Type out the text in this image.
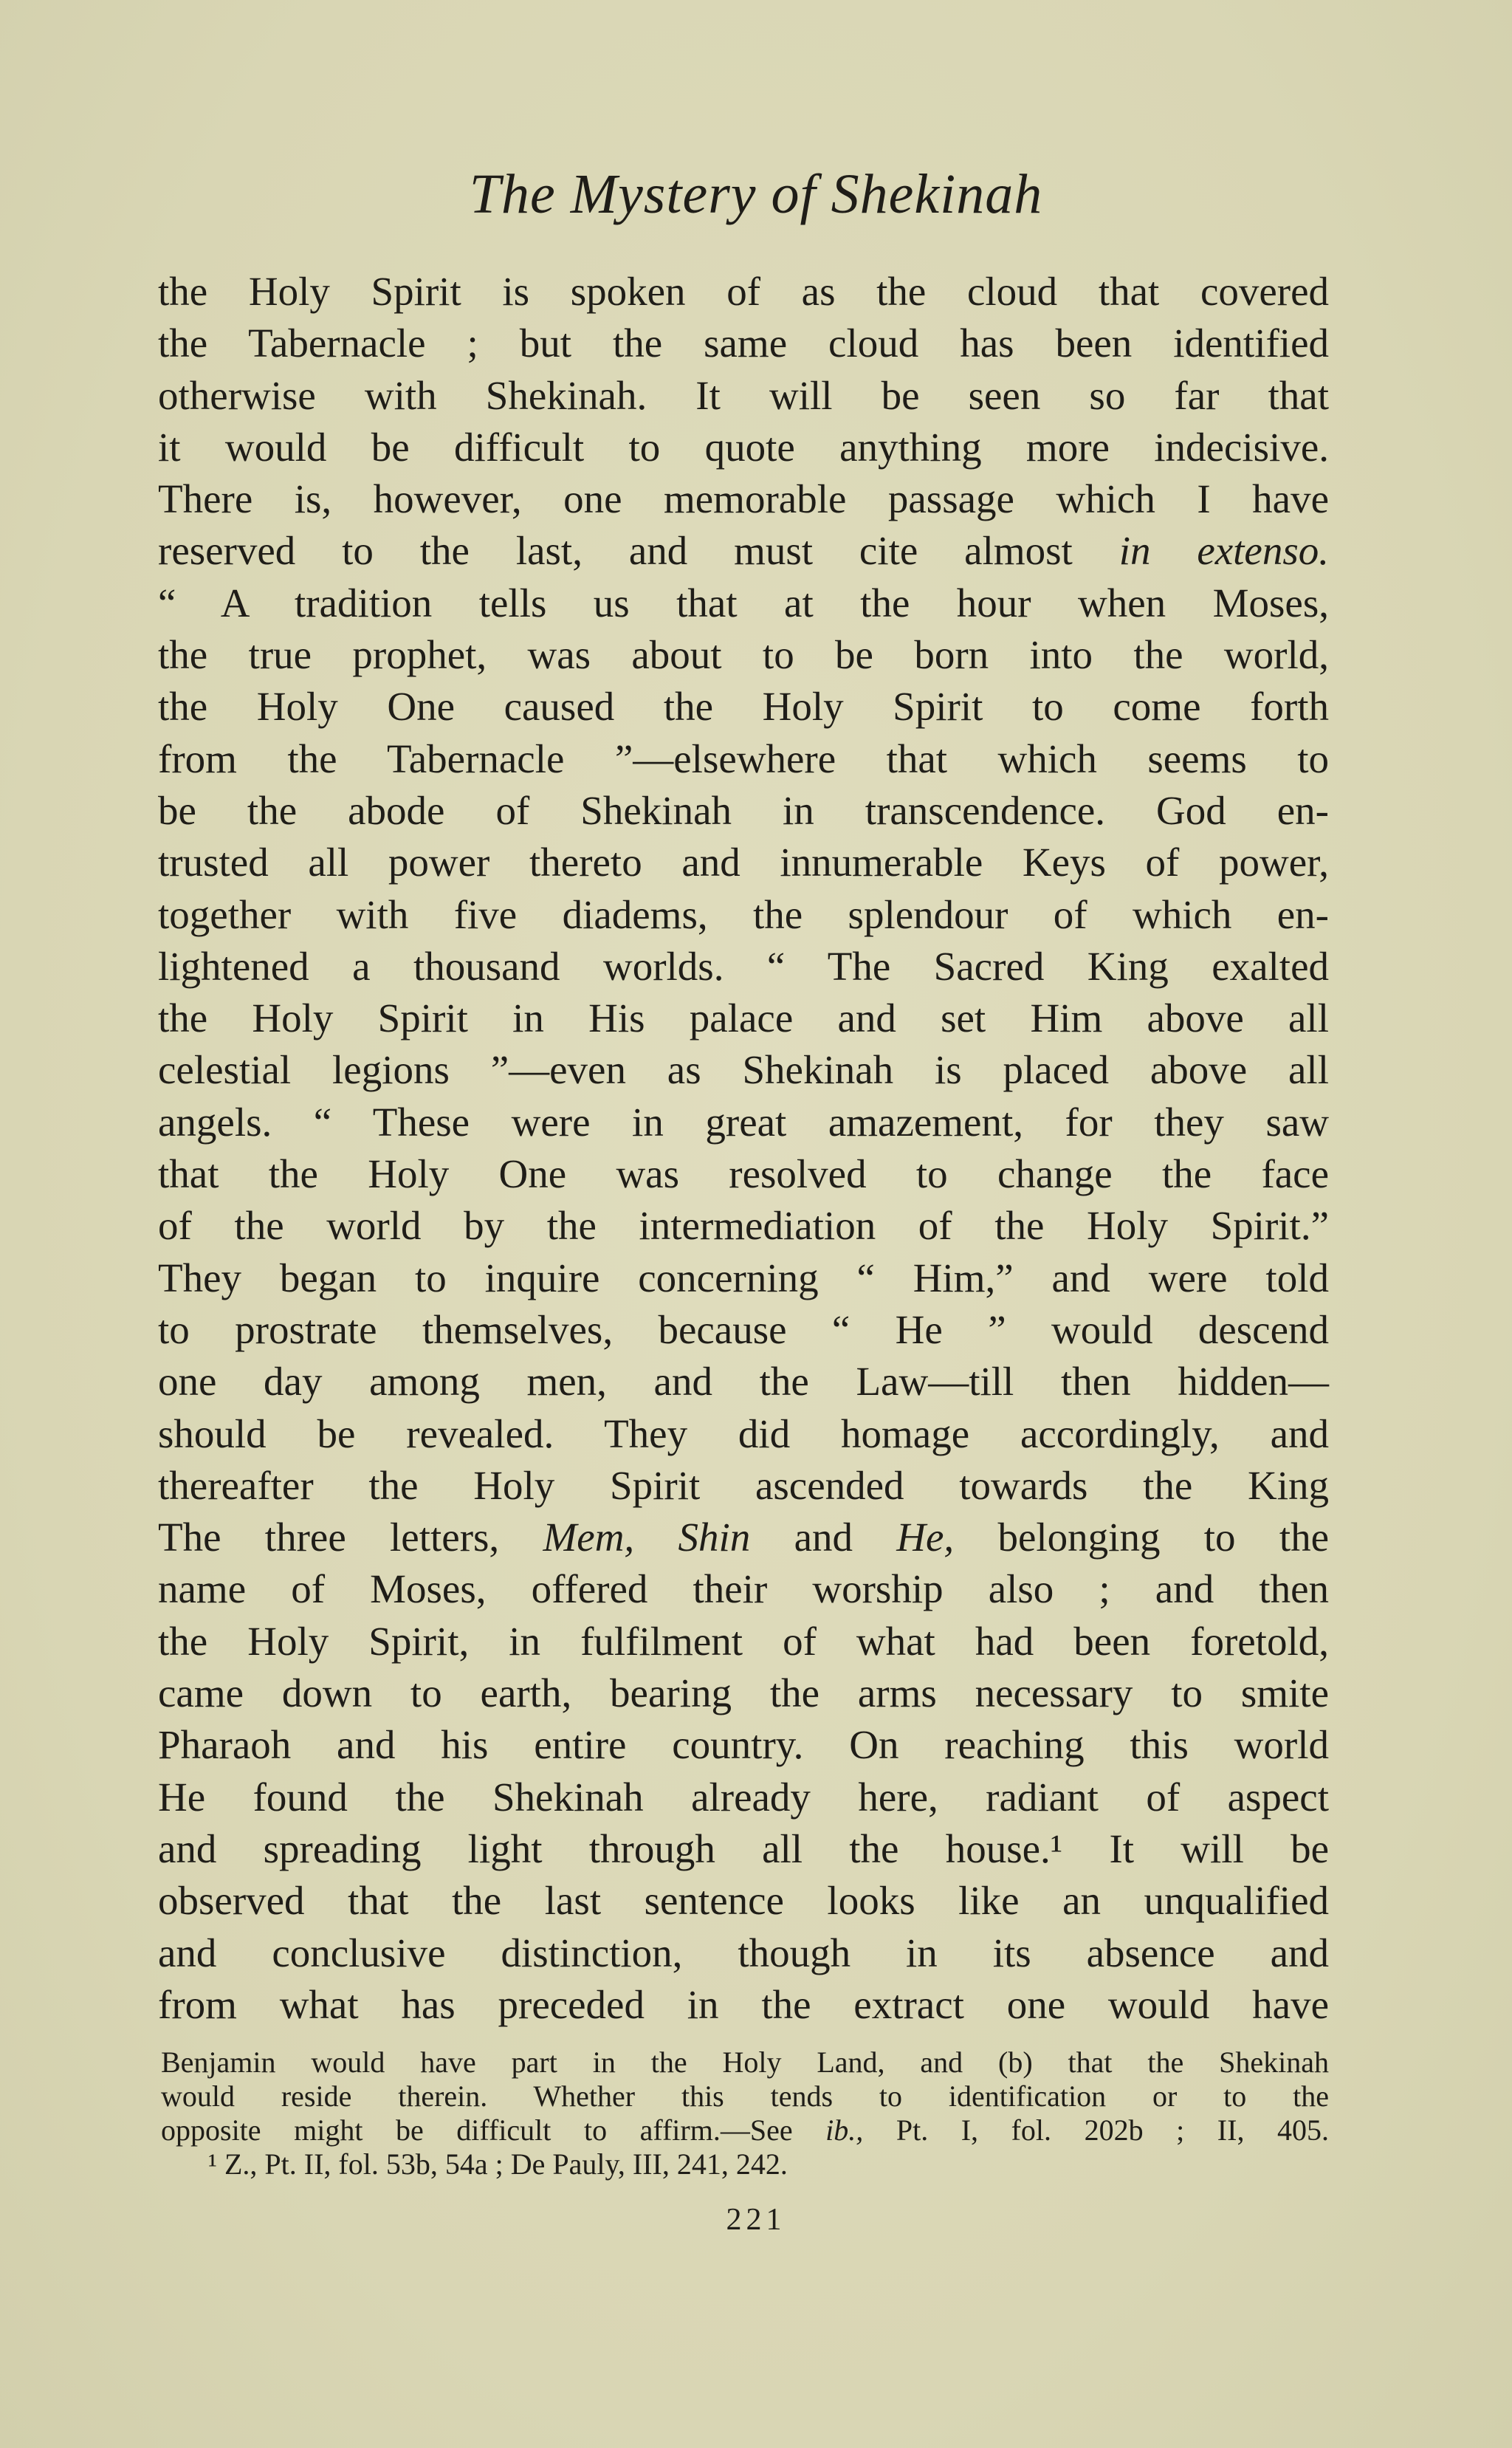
The Mystery of Shekinah
the Holy Spirit is spoken of as the cloud that covered
the Tabernacle ; but the same cloud has been identified
otherwise with Shekinah. It will be seen so far that
it would be difficult to quote anything more indecisive.
There is, however, one memorable passage which I have
reserved to the last, and must cite almost in extenso.
“ A tradition tells us that at the hour when Moses,
the true prophet, was about to be born into the world,
the Holy One caused the Holy Spirit to come forth
from the Tabernacle ”—elsewhere that which seems to
be the abode of Shekinah in transcendence. God en-
trusted all power thereto and innumerable Keys of power,
together with five diadems, the splendour of which en-
lightened a thousand worlds. “ The Sacred King exalted
the Holy Spirit in His palace and set Him above all
celestial legions ”—even as Shekinah is placed above all
angels. “ These were in great amazement, for they saw
that the Holy One was resolved to change the face
of the world by the intermediation of the Holy Spirit.”
They began to inquire concerning “ Him,” and were told
to prostrate themselves, because “ He ” would descend
one day among men, and the Law—till then hidden—
should be revealed. They did homage accordingly, and
thereafter the Holy Spirit ascended towards the King
The three letters, Mem, Shin and He, belonging to the
name of Moses, offered their worship also ; and then
the Holy Spirit, in fulfilment of what had been foretold,
came down to earth, bearing the arms necessary to smite
Pharaoh and his entire country. On reaching this world
He found the Shekinah already here, radiant of aspect
and spreading light through all the house.¹ It will be
observed that the last sentence looks like an unqualified
and conclusive distinction, though in its absence and
from what has preceded in the extract one would have
Benjamin would have part in the Holy Land, and (b) that the Shekinah
would reside therein. Whether this tends to identification or to the
opposite might be difficult to affirm.—See ib., Pt. I, fol. 202b ; II, 405.
¹ Z., Pt. II, fol. 53b, 54a ; De Pauly, III, 241, 242.
221
